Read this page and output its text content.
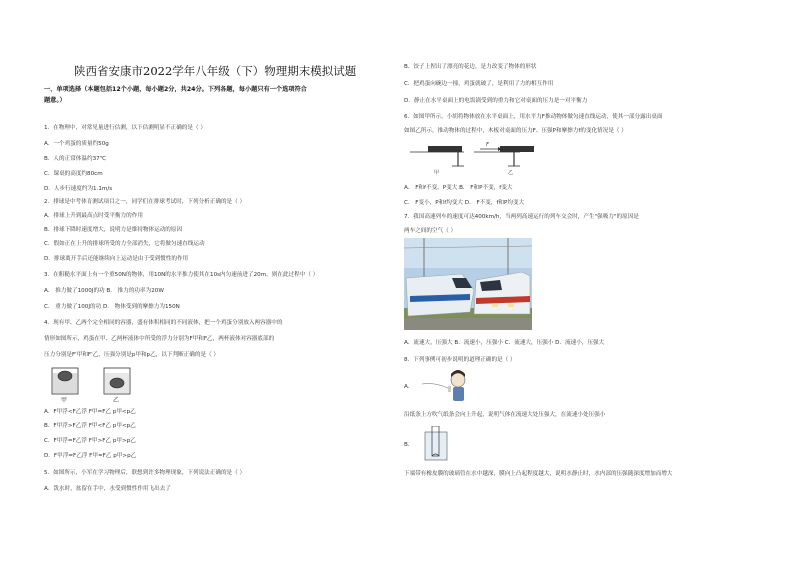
陕西省安康市2022学年八年级（下）物理期末模拟试题
一、单项选择（本题包括12个小题，每小题2分，共24分。下列各题，每小题只有一个选项符合
题意。）
1．在物理中，对常见量进行估测，以下估测明显不正确的是（ ）
A．一个鸡蛋的质量约50g
B．人的正常体温约37℃
C．课桌的高度约80cm
D．人步行速度约为1.1m/s
2．排球是中考体育测试项目之一，同学们在排球考试时，下列分析正确的是（ ）
A．排球上升到最高点时受平衡力的作用
B．排球下降时速度增大，说明力是维持物体运动的原因
C．假如正在上升的排球所受的力全部消失，它将做匀速直线运动
D．排球离开手后还能继续向上运动是由于受到惯性的作用
3．在粗糙水平面上有一个重50N的物体，用10N的水平推力使其在10s内匀速前进了20m，则在此过程中（ ）
A． 推力做了1000J的功 B． 推力的功率为20W
C． 重力做了100J的功 D． 物体受到的摩擦力为150N
4．现有甲、乙两个完全相同的容器，盛有体积相同的不同液体，把一个鸡蛋分别放入两容器中的
情形如图所示，鸡蛋在甲、乙两杯液体中所受的浮力分别为F甲和F乙，两杯液体对容器底部的
压力分别是F'甲和F'乙，压强分别是p甲和p乙，以下判断正确的是（ ）
甲	乙
A．F甲浮<F乙浮 F甲=F乙 p甲<p乙
B．F甲浮>F乙浮 F甲<F乙 p甲<p乙
C．F甲浮=F乙浮 F甲>F乙 p甲>p乙
D．F甲浮=F乙浮 F甲=F乙 p甲>p乙
5．如图所示，小军在学习物理后，联想到许多物理现象，下列说法正确的是（ ）
A．泼水时，盆留在手中，水受到惯性作用飞出去了
B．饺子上捏出了漂亮的花边，是力改变了物体的形状
C．把鸡蛋向碗边一撞，鸡蛋就破了，是利用了力的相互作用
D．静止在水平桌面上的电饭锅受到的重力和它对桌面的压力是一对平衡力
6．如图甲所示，小胡将物体放在水平桌面上，用水平力F推动物体做匀速直线运动，使其一部分露出桌面
如图乙所示，推动物体的过程中，木板对桌面的压力F、压强P和摩擦力f的变化情况是（ ）
F
甲	乙
A． F和f不变，P变大 B． F和P不变，f变大
C． F变小，P和f均变大 D． F不变，f和P均变大
7．我国高速列车的速度可达400km/h，当两列高速运行的列车交会时，产生"强吸力"的原因是
两车之间的空气（ ）
A．流速大，压强大 B．流速小，压强小 C．流速大，压强小 D．流速小，压强大
8．下列事例可初步说明的道理正确的是（ ）
A．
沿纸条上方吹气纸条会向上升起，说明气体在流速大处压强大，在流速小处压强小
B．
下端带有橡皮膜的玻璃管在水中越深，膜向上凸起程度越大，说明水静止时，水内部的压强随深度增加而增大
